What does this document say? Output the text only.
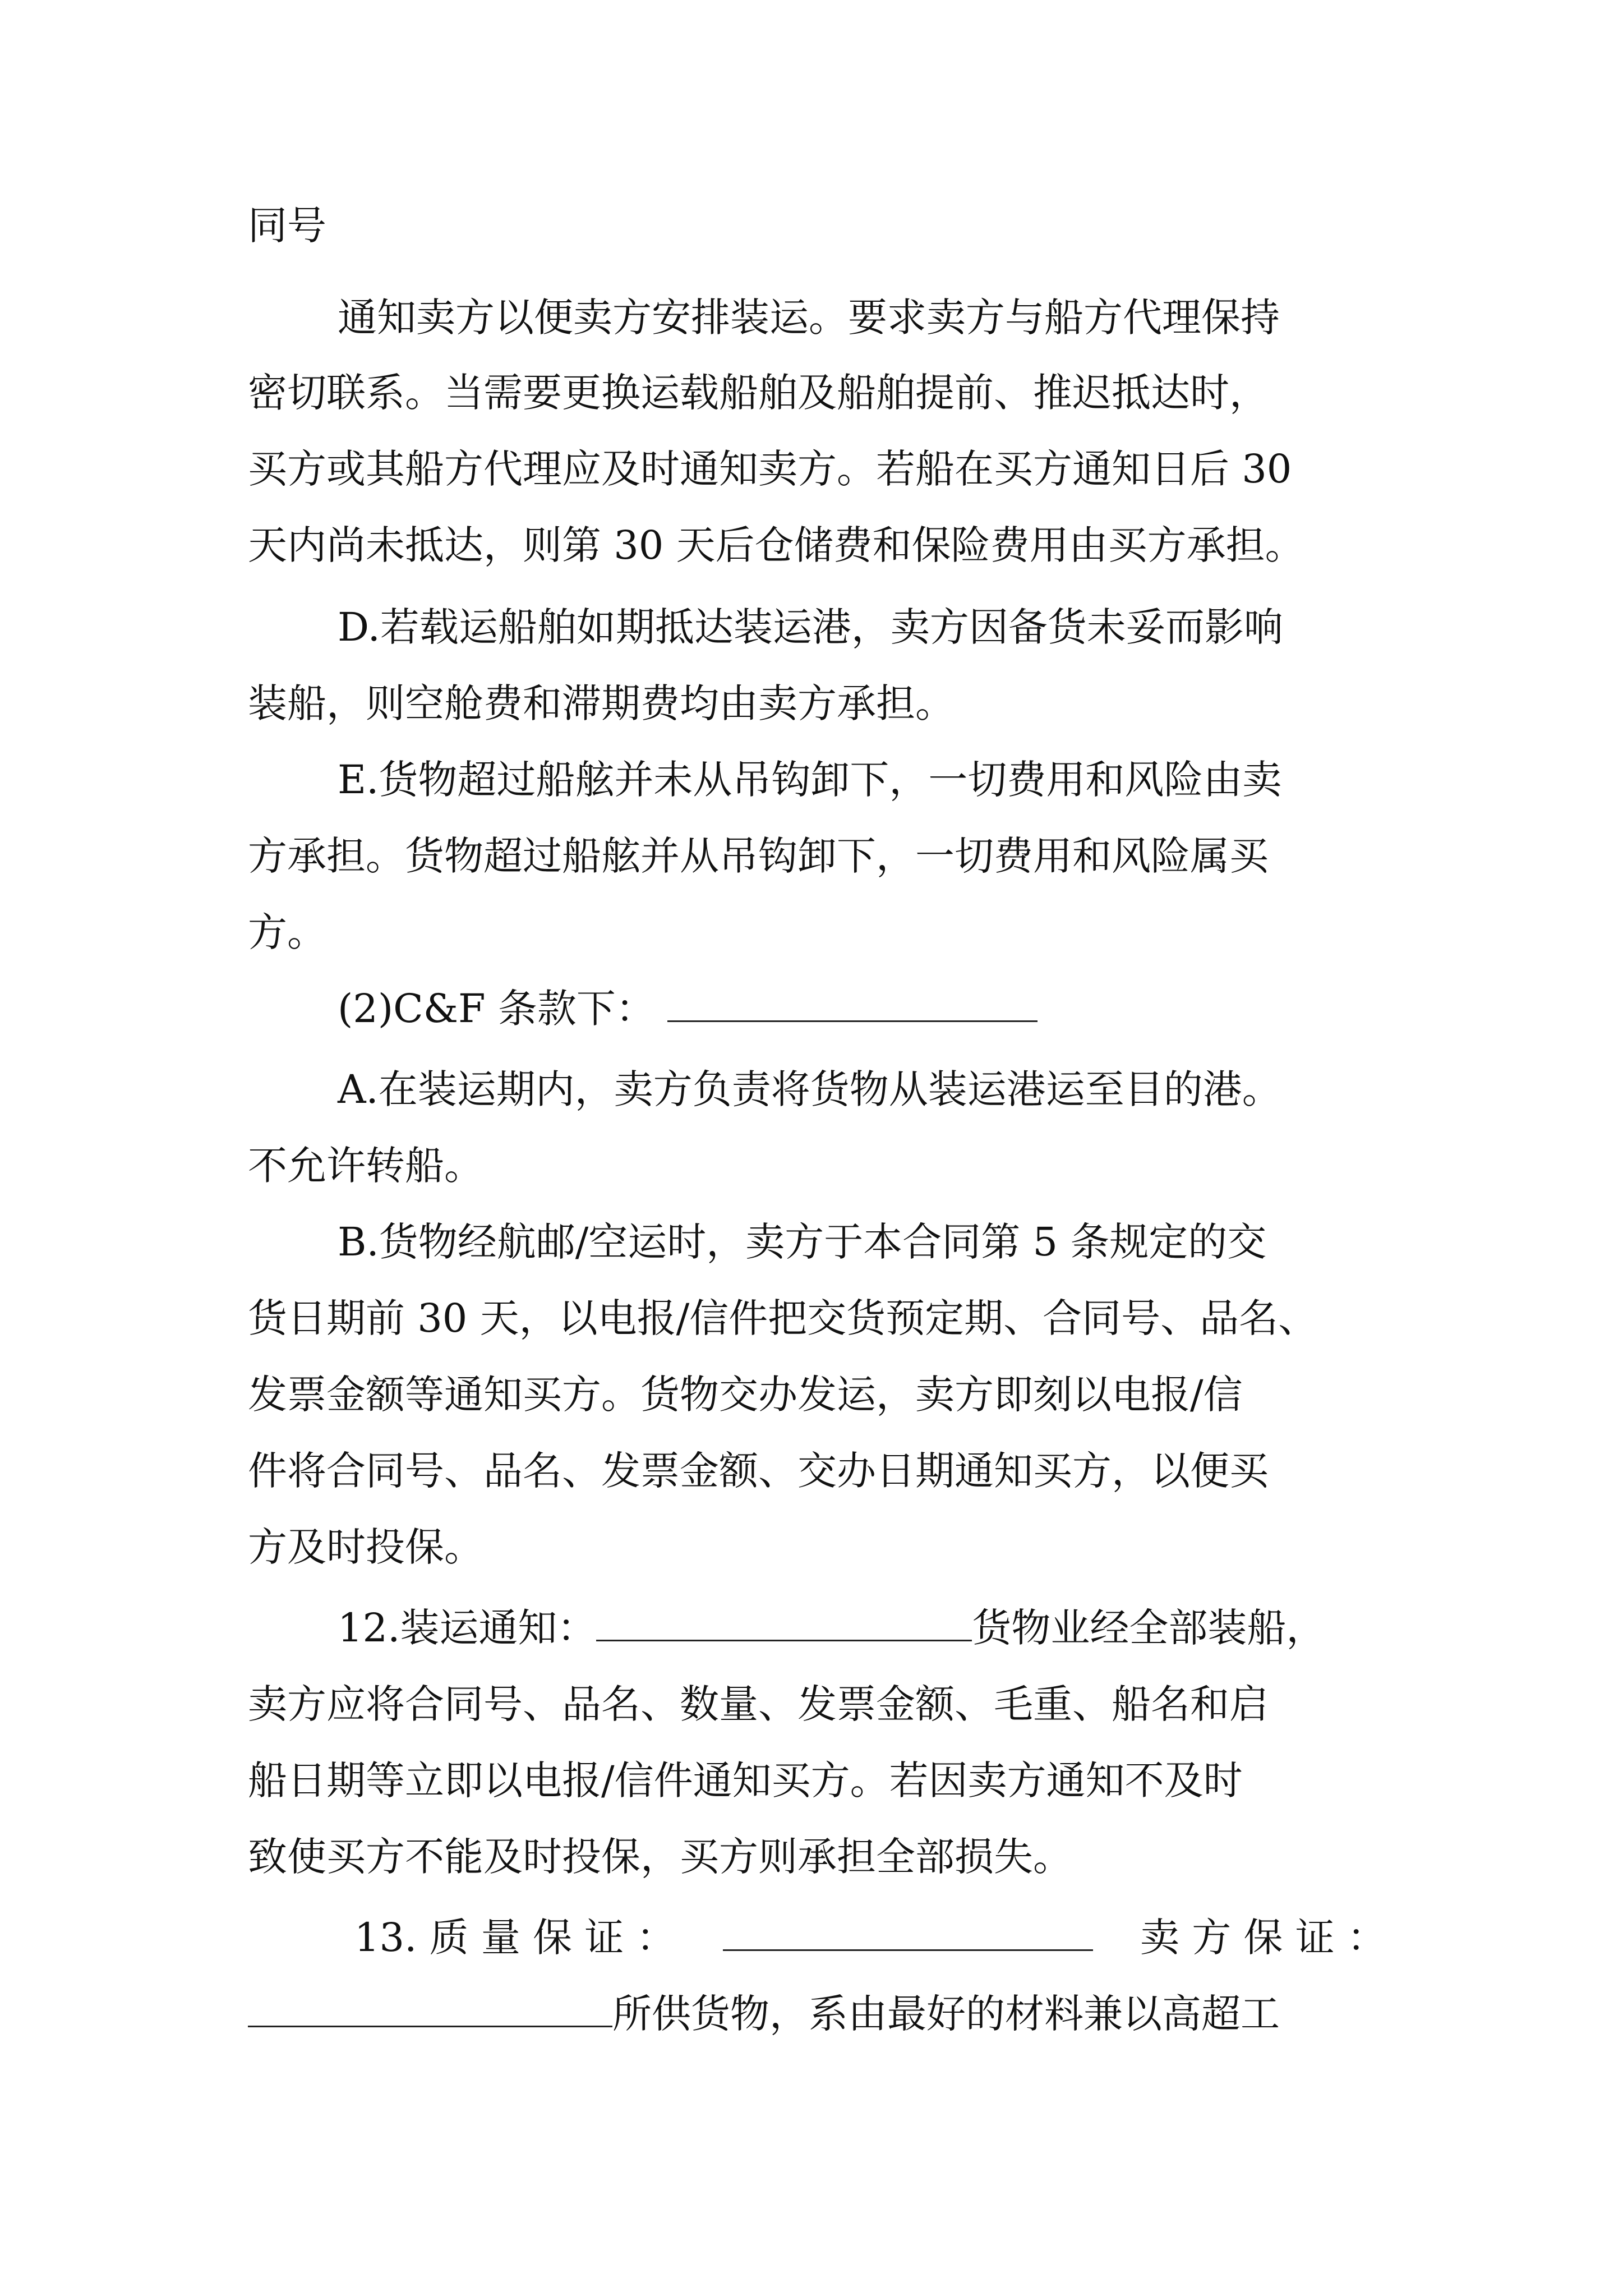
同号
通知卖方以便卖方安排装运。要求卖方与船方代理保持
密切联系。当需要更换运载船舶及船舶提前、推迟抵达时，
买方或其船方代理应及时通知卖方。若船在买方通知日后 30
天内尚未抵达，则第 30 天后仓储费和保险费用由买方承担。
D.若载运船舶如期抵达装运港，卖方因备货未妥而影响
装船，则空舱费和滞期费均由卖方承担。
E.货物超过船舷并未从吊钩卸下，一切费用和风险由卖
方承担。货物超过船舷并从吊钩卸下，一切费用和风险属买
方。
(2)C&F 条款下：
A.在装运期内，卖方负责将货物从装运港运至目的港。
不允许转船。
B.货物经航邮/空运时，卖方于本合同第 5 条规定的交
货日期前 30 天，以电报/信件把交货预定期、合同号、品名、
发票金额等通知买方。货物交办发运，卖方即刻以电报/信
件将合同号、品名、发票金额、交办日期通知买方，以便买
方及时投保。
12.装运通知：	货物业经全部装船，
卖方应将合同号、品名、数量、发票金额、毛重、船名和启
船日期等立即以电报/信件通知买方。若因卖方通知不及时
致使买方不能及时投保，买方则承担全部损失。
13. 质 量 保 证 ：	卖 方 保 证 ：
所供货物，系由最好的材料兼以高超工
